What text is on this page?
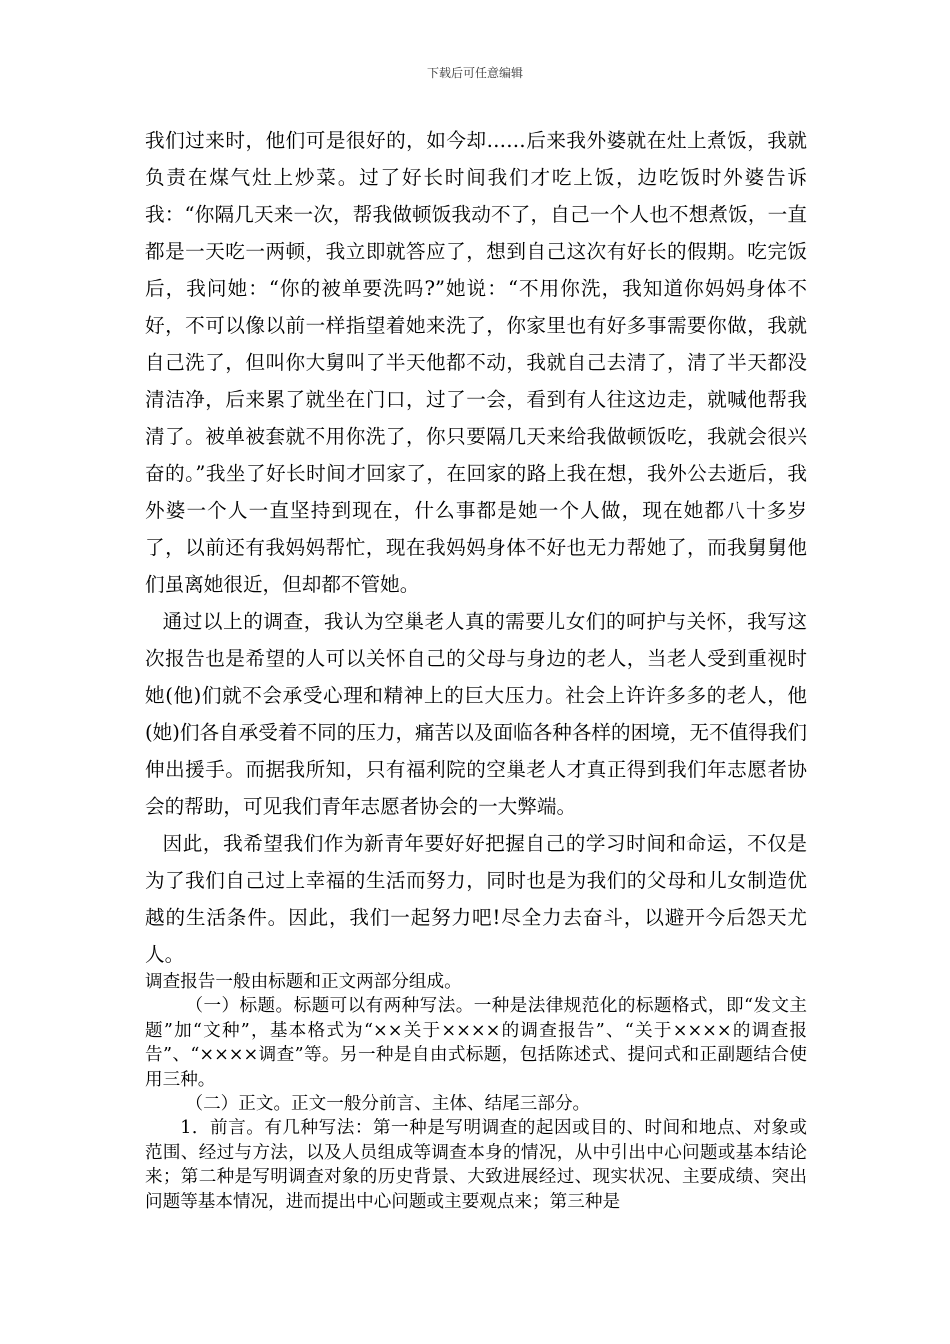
下载后可任意编辑

我们过来时，他们可是很好的，如今却……后来我外婆就在灶上煮饭，我就负责在煤气灶上炒菜。过了好长时间我们才吃上饭，边吃饭时外婆告诉我：“你隔几天来一次，帮我做顿饭我动不了，自己一个人也不想煮饭，一直都是一天吃一两顿，我立即就答应了，想到自己这次有好长的假期。吃完饭后，我问她：“你的被单要洗吗?”她说：“不用你洗，我知道你妈妈身体不好，不可以像以前一样指望着她来洗了，你家里也有好多事需要你做，我就自己洗了，但叫你大舅叫了半天他都不动，我就自己去清了，清了半天都没清洁净，后来累了就坐在门口，过了一会，看到有人往这边走，就喊他帮我清了。被单被套就不用你洗了，你只要隔几天来给我做顿饭吃，我就会很兴奋的。”我坐了好长时间才回家了，在回家的路上我在想，我外公去逝后，我外婆一个人一直坚持到现在，什么事都是她一个人做，现在她都八十多岁了，以前还有我妈妈帮忙，现在我妈妈身体不好也无力帮她了，而我舅舅他们虽离她很近，但却都不管她。

通过以上的调查，我认为空巢老人真的需要儿女们的呵护与关怀，我写这次报告也是希望的人可以关怀自己的父母与身边的老人，当老人受到重视时她(他)们就不会承受心理和精神上的巨大压力。社会上许许多多的老人，他(她)们各自承受着不同的压力，痛苦以及面临各种各样的困境，无不值得我们伸出援手。而据我所知，只有福利院的空巢老人才真正得到我们年志愿者协会的帮助，可见我们青年志愿者协会的一大弊端。

因此，我希望我们作为新青年要好好把握自己的学习时间和命运，不仅是为了我们自己过上幸福的生活而努力，同时也是为我们的父母和儿女制造优越的生活条件。因此，我们一起努力吧!尽全力去奋斗，以避开今后怨天尤人。

调查报告一般由标题和正文两部分组成。

（一）标题。标题可以有两种写法。一种是法律规范化的标题格式，即“发文主题”加“文种”，基本格式为“××关于××××的调查报告”、“关于××××的调查报告”、“××××调查”等。另一种是自由式标题，包括陈述式、提问式和正副题结合使用三种。

（二）正文。正文一般分前言、主体、结尾三部分。

1．前言。有几种写法：第一种是写明调查的起因或目的、时间和地点、对象或范围、经过与方法，以及人员组成等调查本身的情况，从中引出中心问题或基本结论来；第二种是写明调查对象的历史背景、大致进展经过、现实状况、主要成绩、突出问题等基本情况，进而提出中心问题或主要观点来；第三种是
